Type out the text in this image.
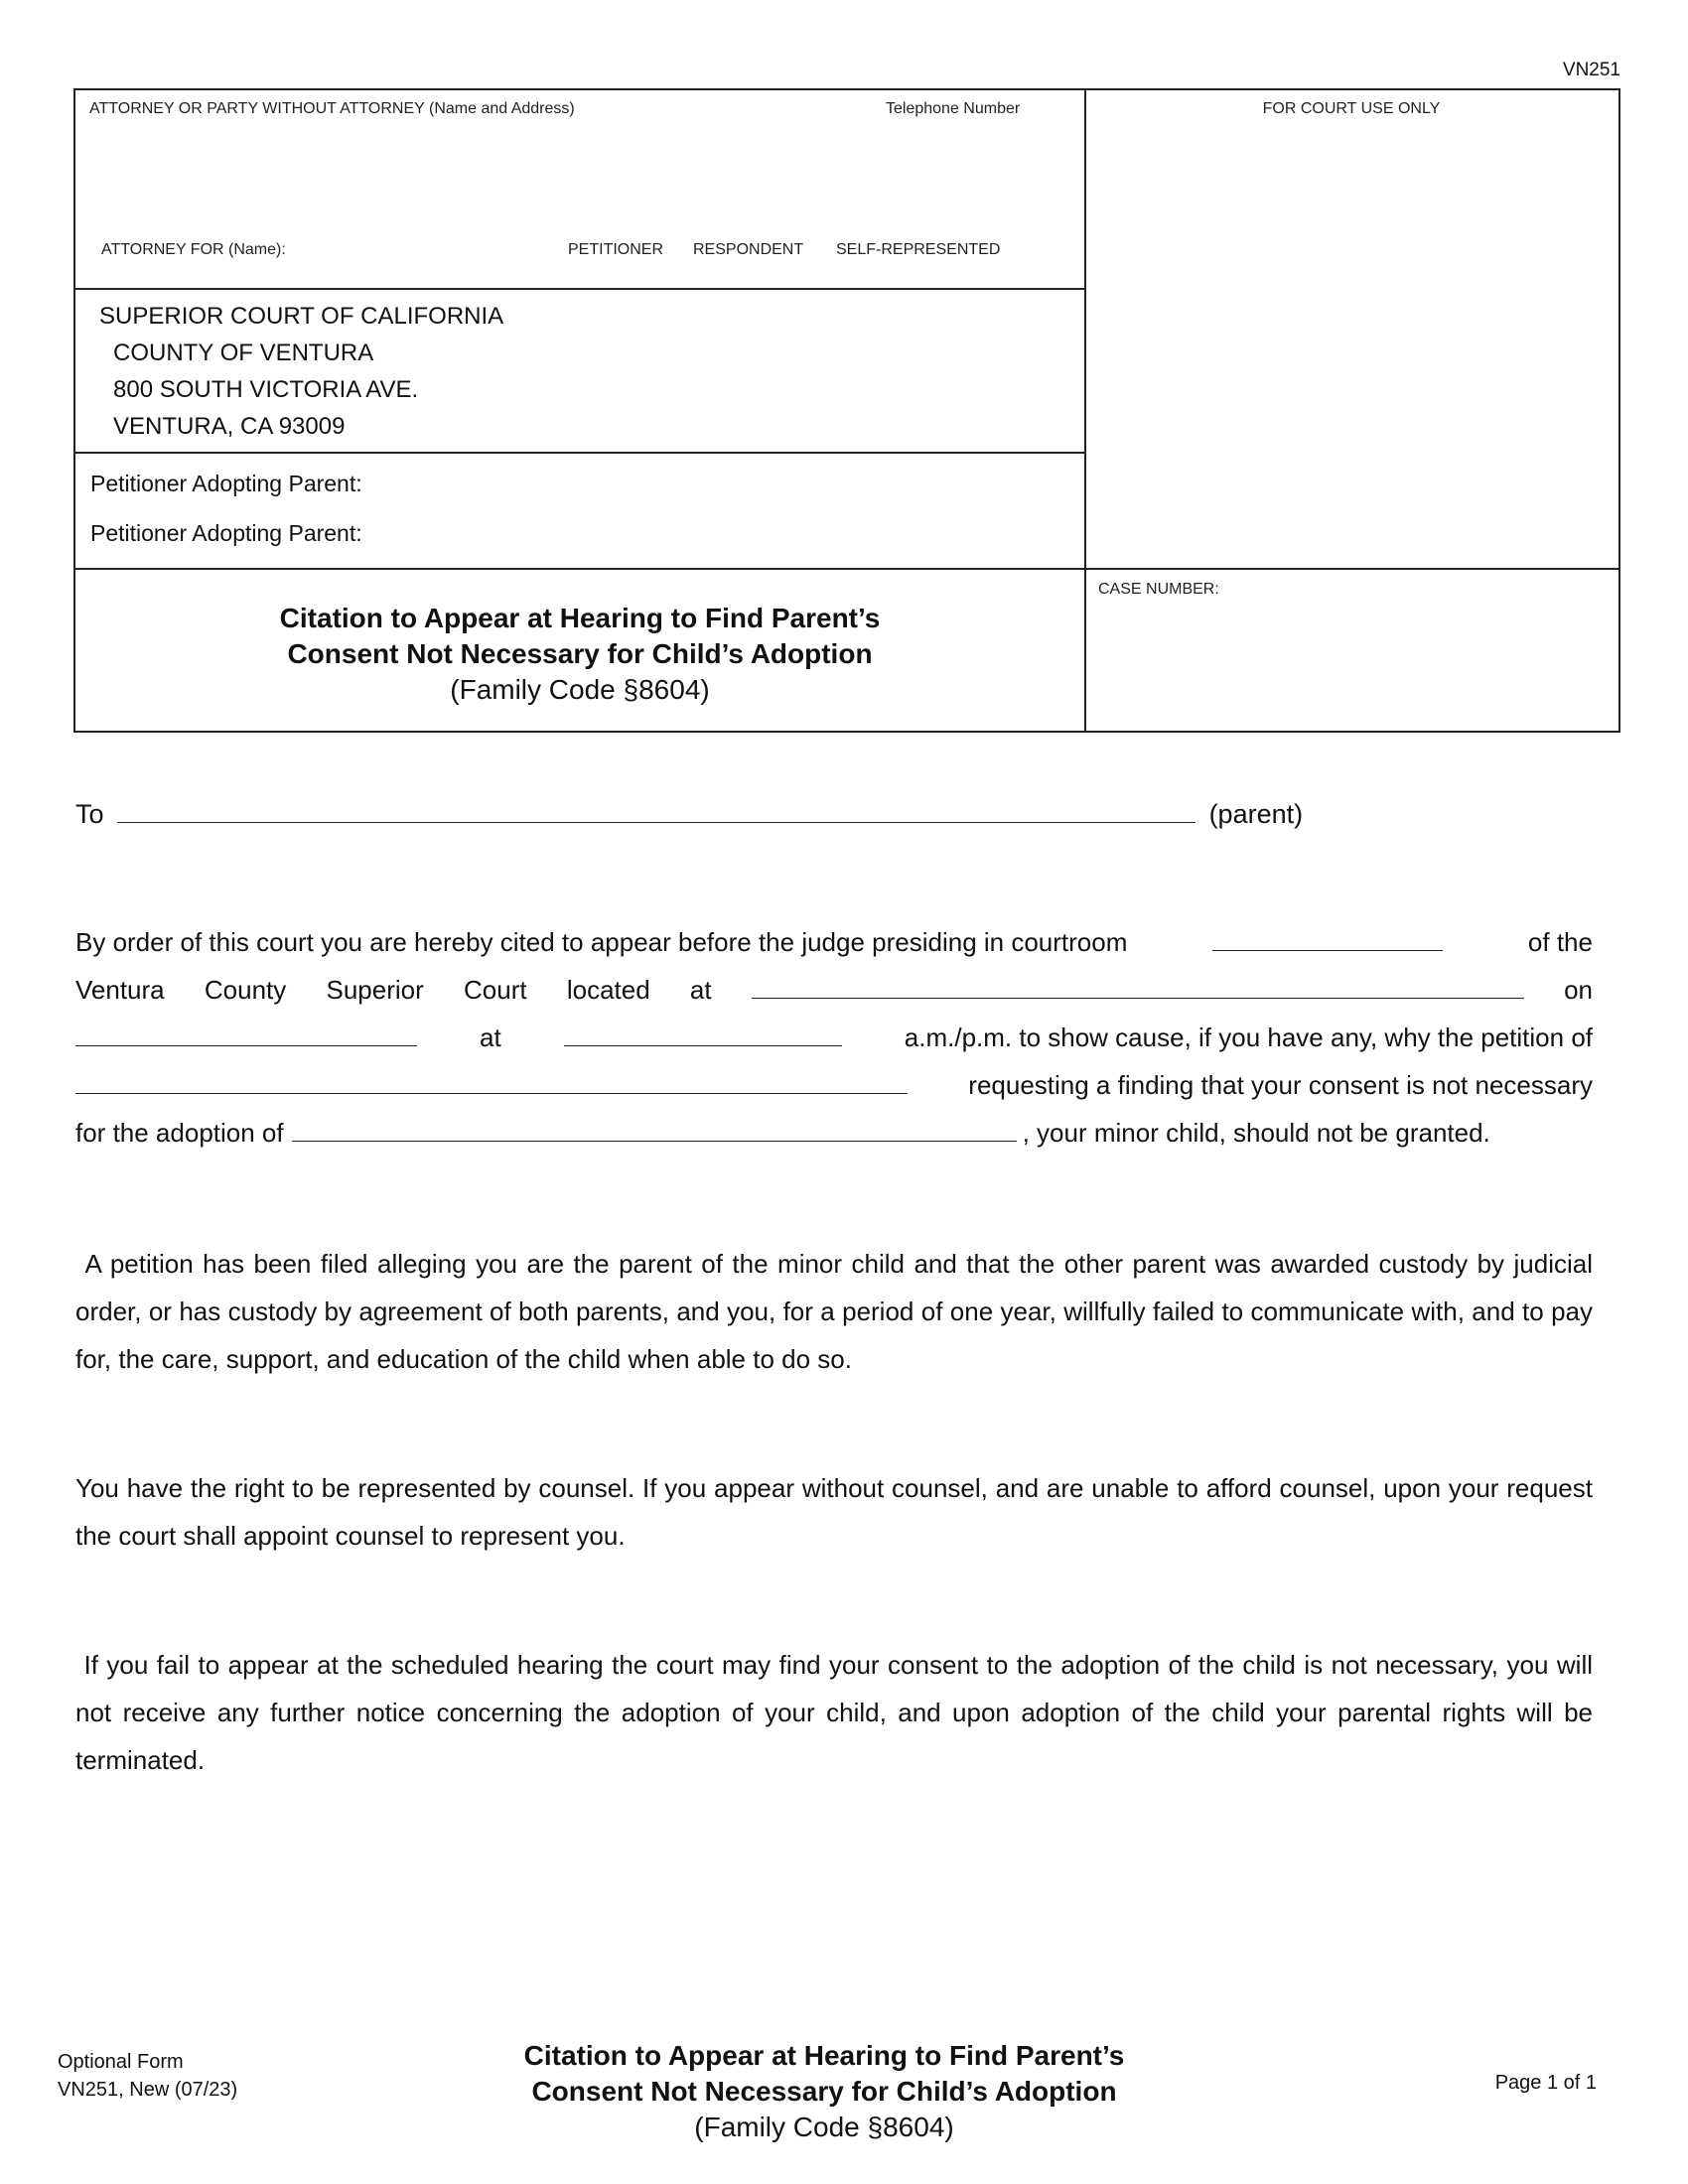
VN251
ATTORNEY OR PARTY WITHOUT ATTORNEY (Name and Address)	Telephone Number	FOR COURT USE ONLY
ATTORNEY FOR (Name):	PETITIONER RESPONDENT SELF-REPRESENTED
SUPERIOR COURT OF CALIFORNIA
COUNTY OF VENTURA
800 SOUTH VICTORIA AVE.
VENTURA, CA 93009
Petitioner Adopting Parent:
Petitioner Adopting Parent:
CASE NUMBER:
Citation to Appear at Hearing to Find Parent’s
Consent Not Necessary for Child’s Adoption
(Family Code §8604)
To	(parent)
By order of this court you are hereby cited to appear before the judge presiding in courtroom	of the
Ventura County Superior Court located at	on
at	a.m./p.m. to show cause, if you have any, why the petition of
requesting a finding that your consent is not necessary
for the adoption of	, your minor child, should not be granted.
A petition has been filed alleging you are the parent of the minor child and that the other parent was awarded custody by judicial order, or has custody by agreement of both parents, and you, for a period of one year, willfully failed to communicate with, and to pay for, the care, support, and education of the child when able to do so.
You have the right to be represented by counsel. If you appear without counsel, and are unable to afford counsel, upon your request the court shall appoint counsel to represent you.
If you fail to appear at the scheduled hearing the court may find your consent to the adoption of the child is not necessary, you will not receive any further notice concerning the adoption of your child, and upon adoption of the child your parental rights will be terminated.
Optional Form
VN251, New (07/23)
Citation to Appear at Hearing to Find Parent’s
Consent Not Necessary for Child’s Adoption
(Family Code §8604)
Page 1 of 1
